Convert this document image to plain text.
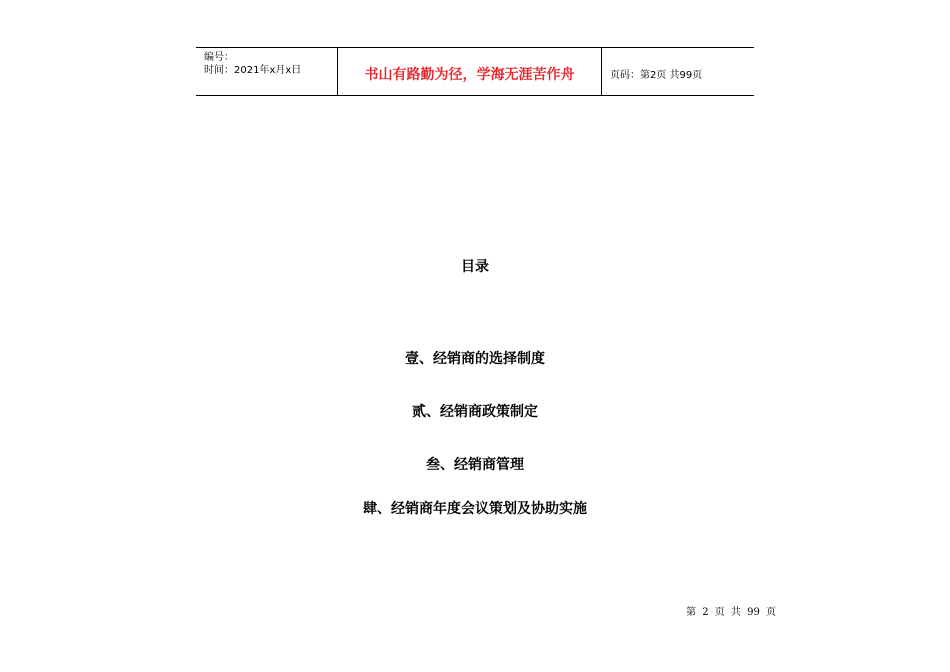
编号：
时间：2021年x月x日	书山有路勤为径，学海无涯苦作舟	页码：第2页 共99页
目录
壹、经销商的选择制度
贰、经销商政策制定
叁、经销商管理
肆、经销商年度会议策划及协助实施
第 2 页 共 99 页
